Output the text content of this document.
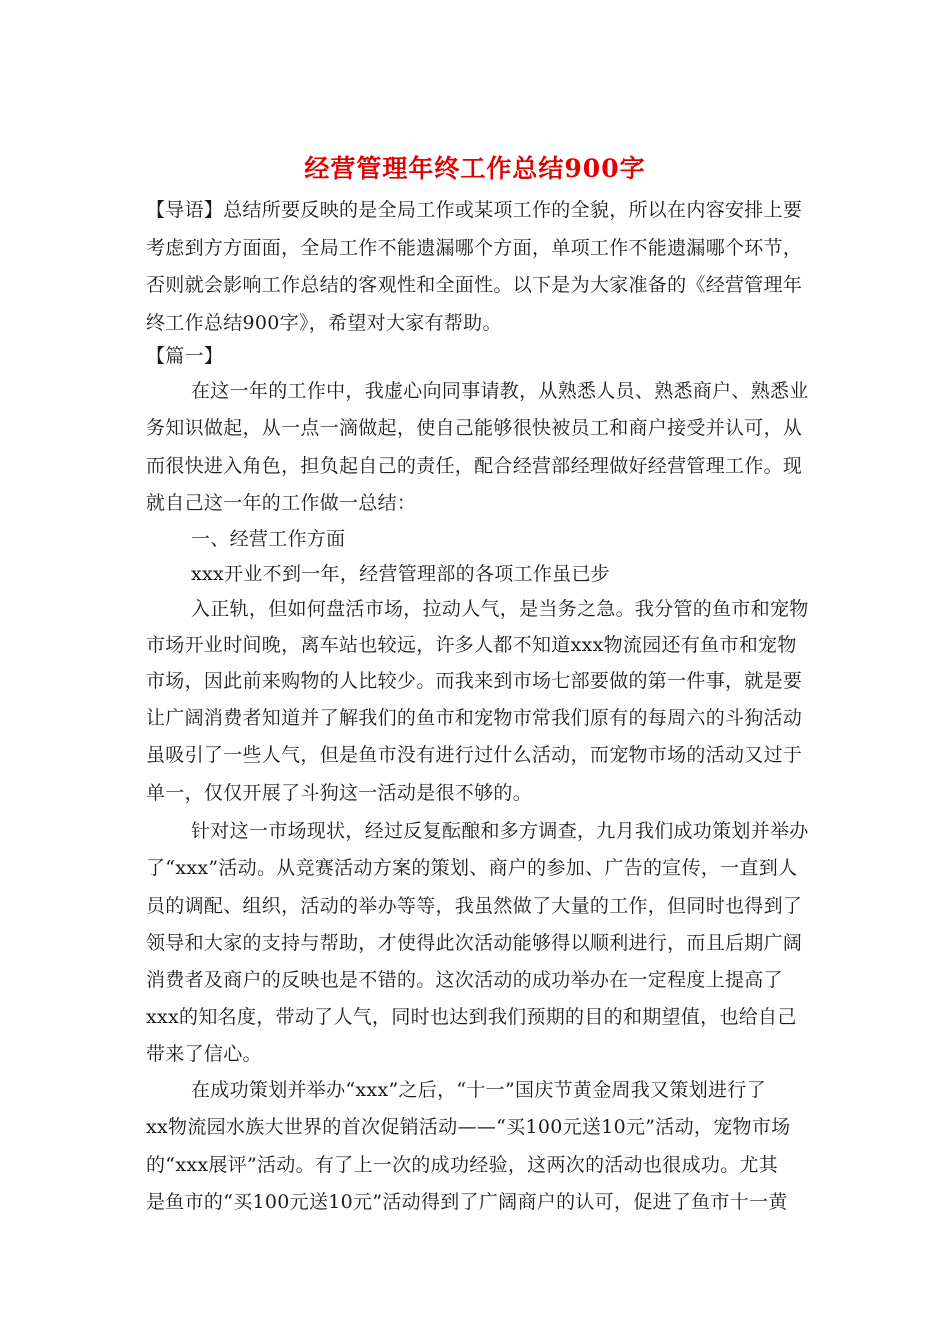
经营管理年终工作总结900字
【导语】总结所要反映的是全局工作或某项工作的全貌，所以在内容安排上要
考虑到方方面面，全局工作不能遗漏哪个方面，单项工作不能遗漏哪个环节，
否则就会影响工作总结的客观性和全面性。以下是为大家准备的《经营管理年
终工作总结900字》，希望对大家有帮助。
【篇一】
在这一年的工作中，我虚心向同事请教，从熟悉人员、熟悉商户、熟悉业
务知识做起，从一点一滴做起，使自己能够很快被员工和商户接受并认可，从
而很快进入角色，担负起自己的责任，配合经营部经理做好经营管理工作。现
就自己这一年的工作做一总结：
一、经营工作方面
xxx开业不到一年，经营管理部的各项工作虽已步
入正轨，但如何盘活市场，拉动人气，是当务之急。我分管的鱼市和宠物
市场开业时间晚，离车站也较远，许多人都不知道xxx物流园还有鱼市和宠物
市场，因此前来购物的人比较少。而我来到市场七部要做的第一件事，就是要
让广阔消费者知道并了解我们的鱼市和宠物市常我们原有的每周六的斗狗活动
虽吸引了一些人气，但是鱼市没有进行过什么活动，而宠物市场的活动又过于
单一，仅仅开展了斗狗这一活动是很不够的。
针对这一市场现状，经过反复酝酿和多方调查，九月我们成功策划并举办
了“xxx”活动。从竞赛活动方案的策划、商户的参加、广告的宣传，一直到人
员的调配、组织，活动的举办等等，我虽然做了大量的工作，但同时也得到了
领导和大家的支持与帮助，才使得此次活动能够得以顺利进行，而且后期广阔
消费者及商户的反映也是不错的。这次活动的成功举办在一定程度上提高了
xxx的知名度，带动了人气，同时也达到我们预期的目的和期望值，也给自己
带来了信心。
在成功策划并举办“xxx”之后，“十一”国庆节黄金周我又策划进行了
xx物流园水族大世界的首次促销活动——“买100元送10元”活动，宠物市场
的“xxx展评”活动。有了上一次的成功经验，这两次的活动也很成功。尤其
是鱼市的“买100元送10元”活动得到了广阔商户的认可，促进了鱼市十一黄
